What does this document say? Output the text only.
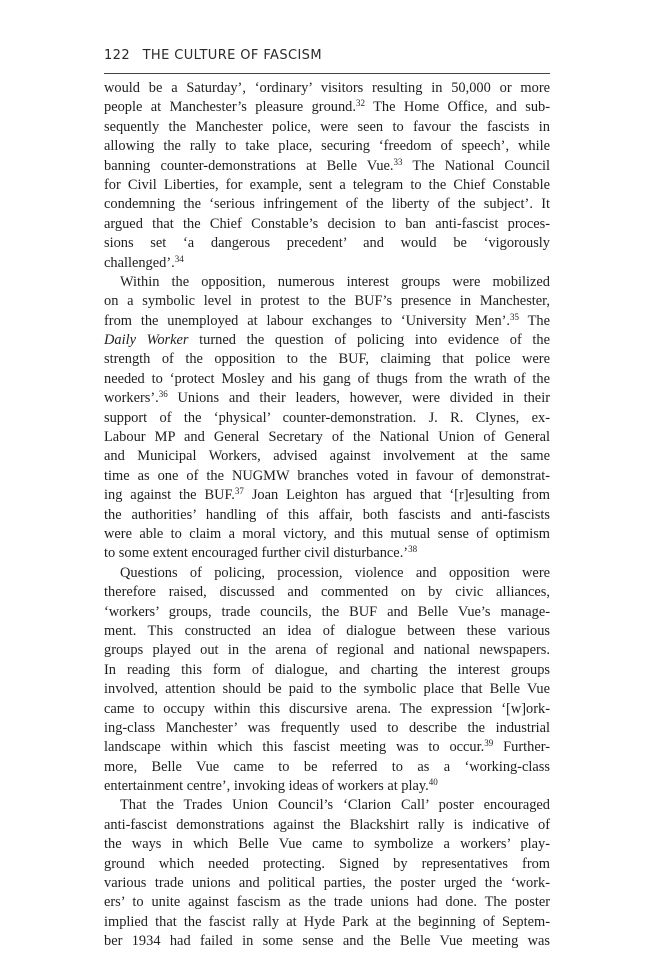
122 THE CULTURE OF FASCISM
would be a Saturday’, ‘ordinary’ visitors resulting in 50,000 or more
people at Manchester’s pleasure ground.$^{32}$ The Home Office, and sub-
sequently the Manchester police, were seen to favour the fascists in
allowing the rally to take place, securing ‘freedom of speech’, while
banning counter-demonstrations at Belle Vue.$^{33}$ The National Council
for Civil Liberties, for example, sent a telegram to the Chief Constable
condemning the ‘serious infringement of the liberty of the subject’. It
argued that the Chief Constable’s decision to ban anti-fascist proces-
sions set ‘a dangerous precedent’ and would be ‘vigorously
challenged’.$^{34}$
Within the opposition, numerous interest groups were mobilized
on a symbolic level in protest to the BUF’s presence in Manchester,
from the unemployed at labour exchanges to ‘University Men’.$^{35}$ The
Daily Worker turned the question of policing into evidence of the
strength of the opposition to the BUF, claiming that police were
needed to ‘protect Mosley and his gang of thugs from the wrath of the
workers’.$^{36}$ Unions and their leaders, however, were divided in their
support of the ‘physical’ counter-demonstration. J. R. Clynes, ex-
Labour MP and General Secretary of the National Union of General
and Municipal Workers, advised against involvement at the same
time as one of the NUGMW branches voted in favour of demonstrat-
ing against the BUF.$^{37}$ Joan Leighton has argued that ‘[r]esulting from
the authorities’ handling of this affair, both fascists and anti-fascists
were able to claim a moral victory, and this mutual sense of optimism
to some extent encouraged further civil disturbance.’$^{38}$
Questions of policing, procession, violence and opposition were
therefore raised, discussed and commented on by civic alliances,
‘workers’ groups, trade councils, the BUF and Belle Vue’s manage-
ment. This constructed an idea of dialogue between these various
groups played out in the arena of regional and national newspapers.
In reading this form of dialogue, and charting the interest groups
involved, attention should be paid to the symbolic place that Belle Vue
came to occupy within this discursive arena. The expression ‘[w]ork-
ing-class Manchester’ was frequently used to describe the industrial
landscape within which this fascist meeting was to occur.$^{39}$ Further-
more, Belle Vue came to be referred to as a ‘working-class
entertainment centre’, invoking ideas of workers at play.$^{40}$
That the Trades Union Council’s ‘Clarion Call’ poster encouraged
anti-fascist demonstrations against the Blackshirt rally is indicative of
the ways in which Belle Vue came to symbolize a workers’ play-
ground which needed protecting. Signed by representatives from
various trade unions and political parties, the poster urged the ‘work-
ers’ to unite against fascism as the trade unions had done. The poster
implied that the fascist rally at Hyde Park at the beginning of Septem-
ber 1934 had failed in some sense and the Belle Vue meeting was
